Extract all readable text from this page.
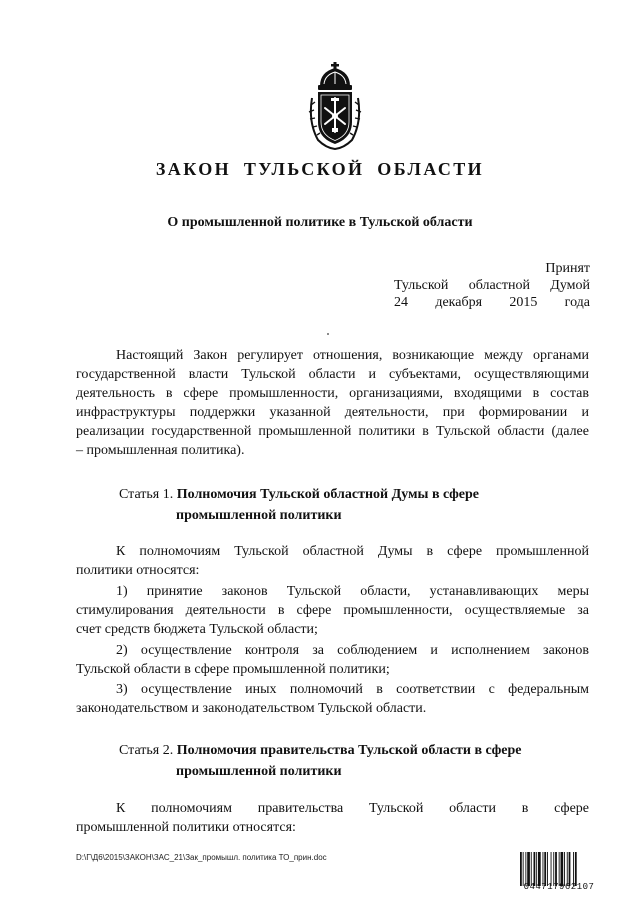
ЗАКОН ТУЛЬСКОЙ ОБЛАСТИ
О промышленной политике в Тульской области
Принят
Тульской областной Думой
24 декабря 2015 года
Настоящий Закон регулирует отношения, возникающие между органами
государственной власти Тульской области и субъектами, осуществляющими
деятельность в сфере промышленности, организациями, входящими в состав
инфраструктуры поддержки указанной деятельности, при формировании и
реализации государственной промышленной политики в Тульской области (далее
– промышленная политика).
Статья 1. Полномочия Тульской областной Думы в сфере
промышленной политики
К полномочиям Тульской областной Думы в сфере промышленной
политики относятся:
1) принятие законов Тульской области, устанавливающих меры
стимулирования деятельности в сфере промышленности, осуществляемые за
счет средств бюджета Тульской области;
2) осуществление контроля за соблюдением и исполнением законов
Тульской области в сфере промышленной политики;
3) осуществление иных полномочий в соответствии с федеральным
законодательством и законодательством Тульской области.
Статья 2. Полномочия правительства Тульской области в сфере
промышленной политики
К полномочиям правительства Тульской области в сфере
промышленной политики относятся:
D:\Г\Д6\2015\ЗАКОН\ЗАС_21\Зак_промышл. политика ТО_прин.doc
044717962107
